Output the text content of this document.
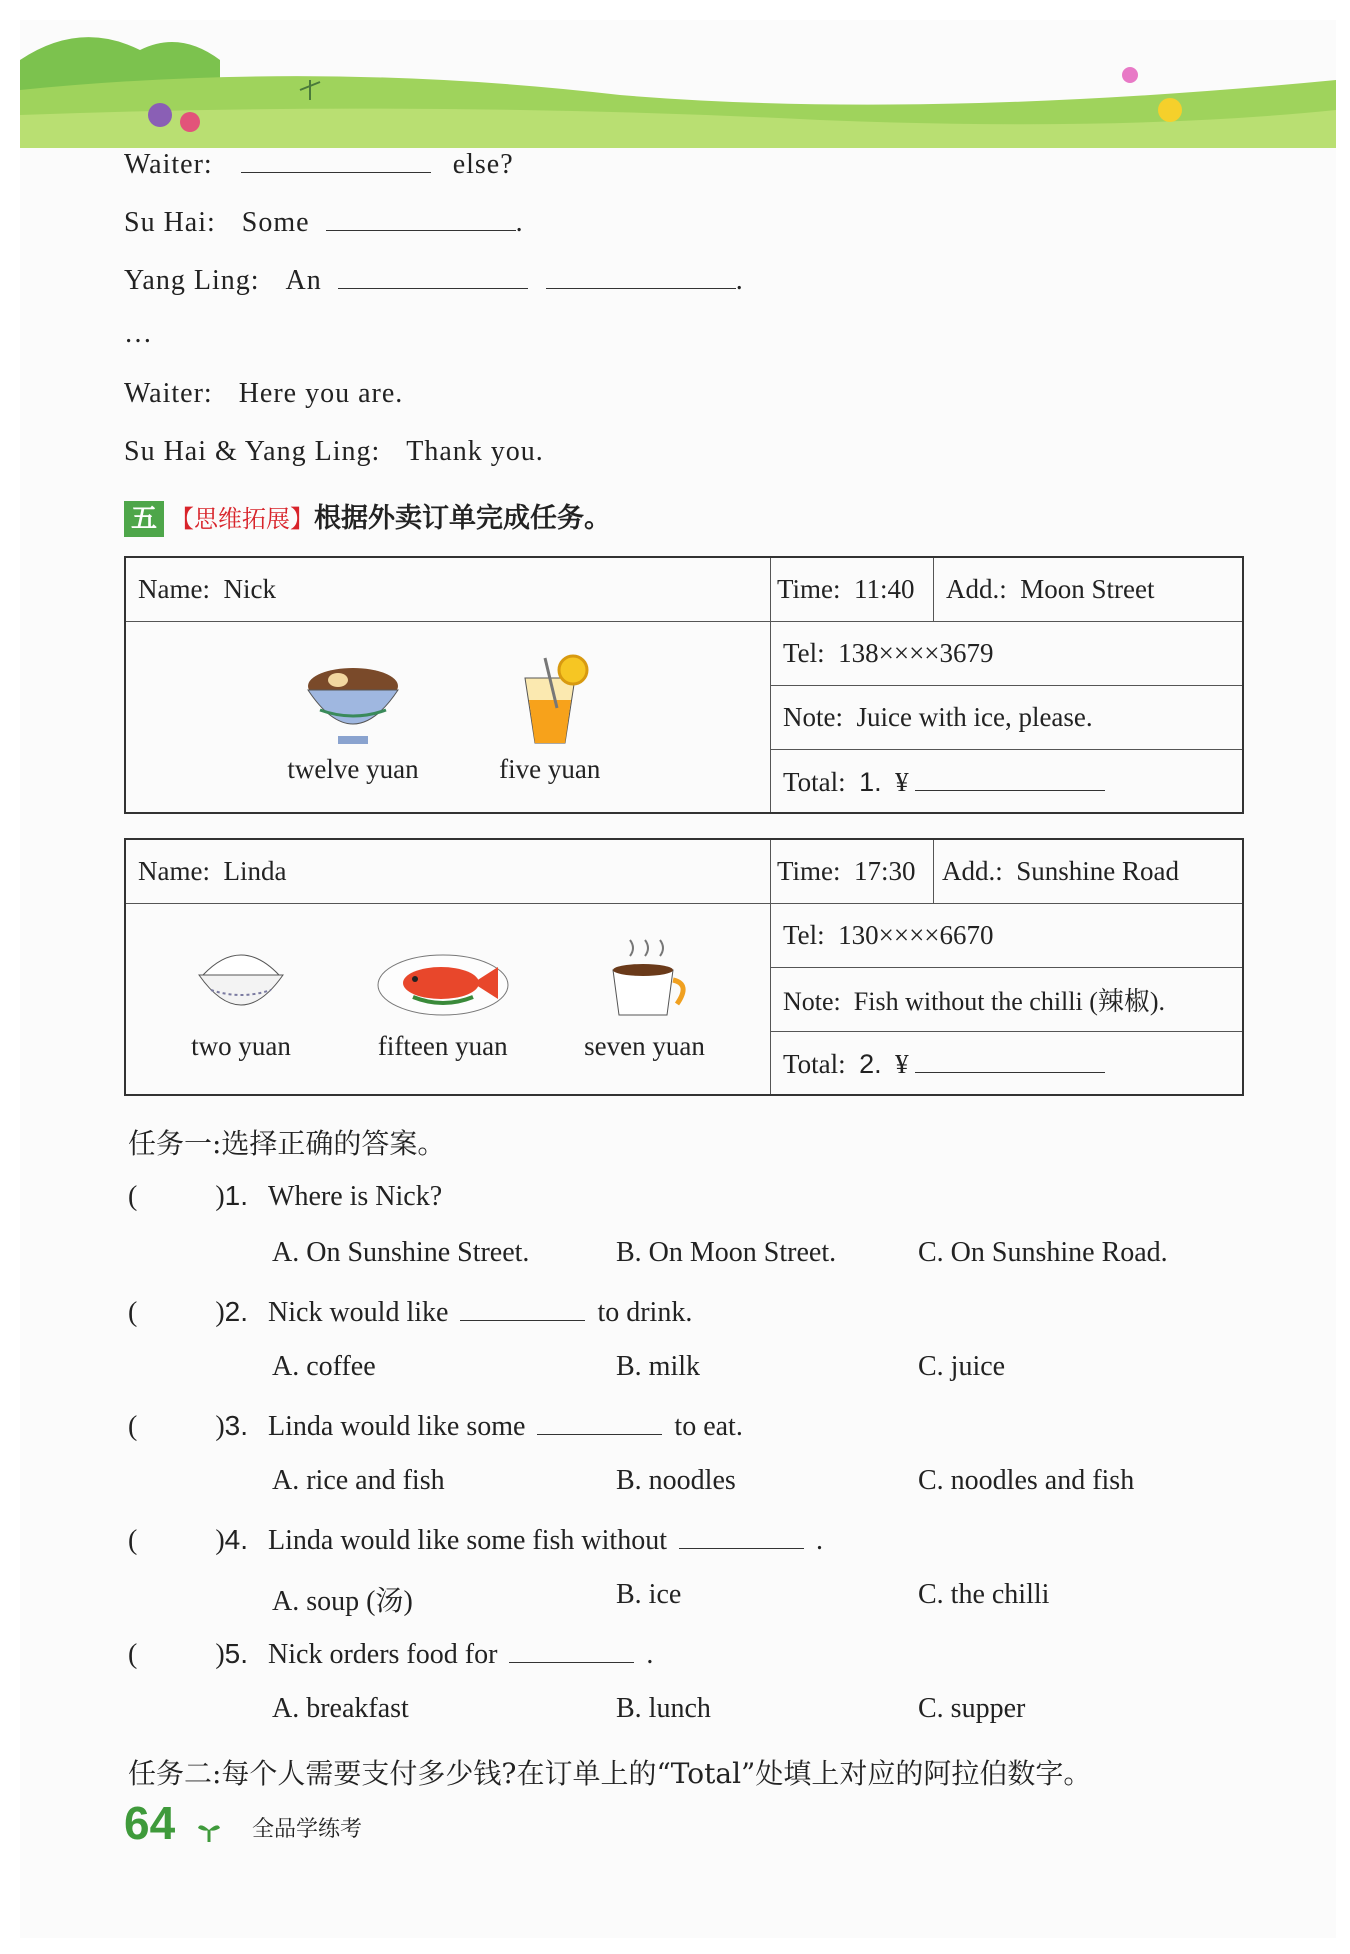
Waiter:	else?
Su Hai: Some	.
Yang Ling: An	.
…
Waiter: Here you are.
Su Hai & Yang Ling: Thank you.
五 【思维拓展】根据外卖订单完成任务。
Name: Nick	Time: 11:40	Add.: Moon Street

twelve yuan five yuan	Tel: 138××××3679	
	Note: Juice with ice, please.	
	Total: 1. ¥	
Name: Linda	Time: 17:30	Add.: Sunshine Road

two yuan fifteen yuan seven yuan	Tel: 130××××6670	
	Note: Fish without the chilli (辣椒).	
	Total: 2. ¥	
任务一:选择正确的答案。
(	)1. Where is Nick?
A. On Sunshine Street.	B. On Moon Street.	C. On Sunshine Road.
(	)2. Nick would like	to drink.
A. coffee	B. milk	C. juice
(	)3. Linda would like some	to eat.
A. rice and fish	B. noodles	C. noodles and fish
(	)4. Linda would like some fish without	.
A. soup (汤)	B. ice	C. the chilli
(	)5. Nick orders food for	.
A. breakfast	B. lunch	C. supper
任务二:每个人需要支付多少钱?在订单上的“Total”处填上对应的阿拉伯数字。
64	全品学练考
